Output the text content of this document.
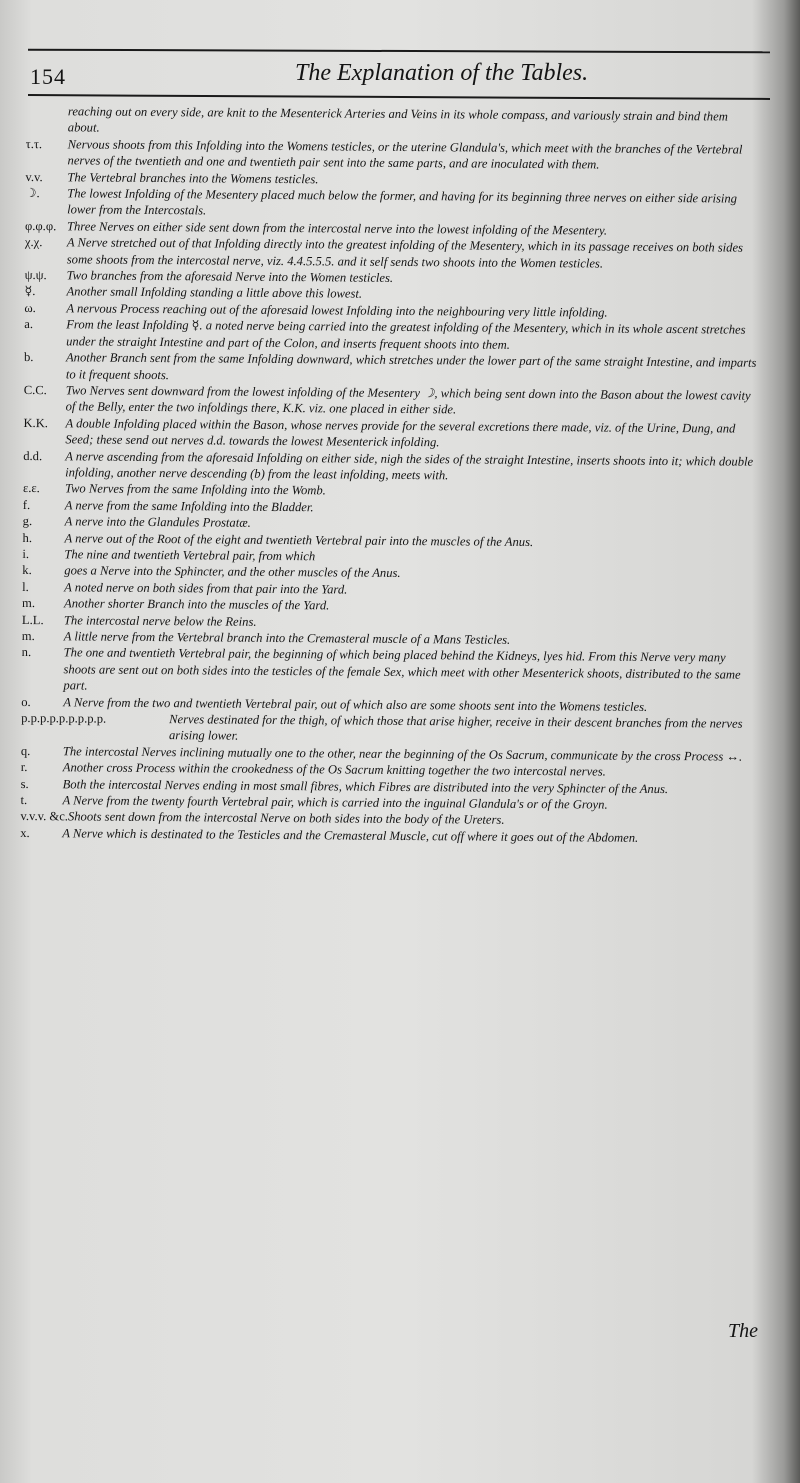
154	The Explanation of the Tables.
reaching out on every side, are knit to the Mesenterick Arteries and Veins in its whole compass, and variously strain and bind them about.
τ.τ.	Nervous shoots from this Infolding into the Womens testicles, or the uterine Glandula's, which meet with the branches of the Vertebral nerves of the twentieth and one and twentieth pair sent into the same parts, and are inoculated with them.
v.v.	The Vertebral branches into the Womens testicles.
☽.	The lowest Infolding of the Mesentery placed much below the former, and having for its beginning three nerves on either side arising lower from the Intercostals.
φ.φ.φ. Three Nerves on either side sent down from the intercostal nerve into the lowest infolding of the Mesentery.
χ.χ.	A Nerve stretched out of that Infolding directly into the greatest infolding of the Mesentery, which in its passage receives on both sides some shoots from the intercostal nerve, viz. 4.4.5.5.5. and it self sends two shoots into the Women testicles.
ψ.ψ.	Two branches from the aforesaid Nerve into the Women testicles.
☿.	Another small Infolding standing a little above this lowest.
ω.	A nervous Process reaching out of the aforesaid lowest Infolding into the neighbouring very little infolding.
a.	From the least Infolding ☿. a noted nerve being carried into the greatest infolding of the Mesentery, which in its whole ascent stretches under the straight Intestine and part of the Colon, and inserts frequent shoots into them.
b.	Another Branch sent from the same Infolding downward, which stretches under the lower part of the same straight Intestine, and imparts to it frequent shoots.
C.C.	Two Nerves sent downward from the lowest infolding of the Mesentery ☽, which being sent down into the Bason about the lowest cavity of the Belly, enter the two infoldings there, K.K. viz. one placed in either side.
K.K.	A double Infolding placed within the Bason, whose nerves provide for the several excretions there made, viz. of the Urine, Dung, and Seed; these send out nerves d.d. towards the lowest Mesenterick infolding.
d.d.	A nerve ascending from the aforesaid Infolding on either side, nigh the sides of the straight Intestine, inserts shoots into it; which double infolding, another nerve descending (b) from the least infolding, meets with.
ε.ε.	Two Nerves from the same Infolding into the Womb.
f.	A nerve from the same Infolding into the Bladder.
g.	A nerve into the Glandules Prostatæ.
h.	A nerve out of the Root of the eight and twentieth Vertebral pair into the muscles of the Anus.
i.	The nine and twentieth Vertebral pair, from which
k.	goes a Nerve into the Sphincter, and the other muscles of the Anus.
l.	A noted nerve on both sides from that pair into the Yard.
m.	Another shorter Branch into the muscles of the Yard.
L.L.	The intercostal nerve below the Reins.
m.	A little nerve from the Vertebral branch into the Cremasteral muscle of a Mans Testicles.
n.	The one and twentieth Vertebral pair, the beginning of which being placed behind the Kidneys, lyes hid. From this Nerve very many shoots are sent out on both sides into the testicles of the female Sex, which meet with other Mesenterick shoots, distributed to the same part.
o.	A Nerve from the two and twentieth Vertebral pair, out of which also are some shoots sent into the Womens testicles.
p.p.p.p.p.p.p.p.p.	Nerves destinated for the thigh, of which those that arise higher, receive in their descent branches from the nerves arising lower.
q.	The intercostal Nerves inclining mutually one to the other, near the beginning of the Os Sacrum, communicate by the cross Process ↔.
r.	Another cross Process within the crookedness of the Os Sacrum knitting together the two intercostal nerves.
s.	Both the intercostal Nerves ending in most small fibres, which Fibres are distributed into the very Sphincter of the Anus.
t.	A Nerve from the twenty fourth Vertebral pair, which is carried into the inguinal Glandula's or of the Groyn.
v.v.v. &c. Shoots sent down from the intercostal Nerve on both sides into the body of the Ureters.
x.	A Nerve which is destinated to the Testicles and the Cremasteral Muscle, cut off where it goes out of the Abdomen.
The
